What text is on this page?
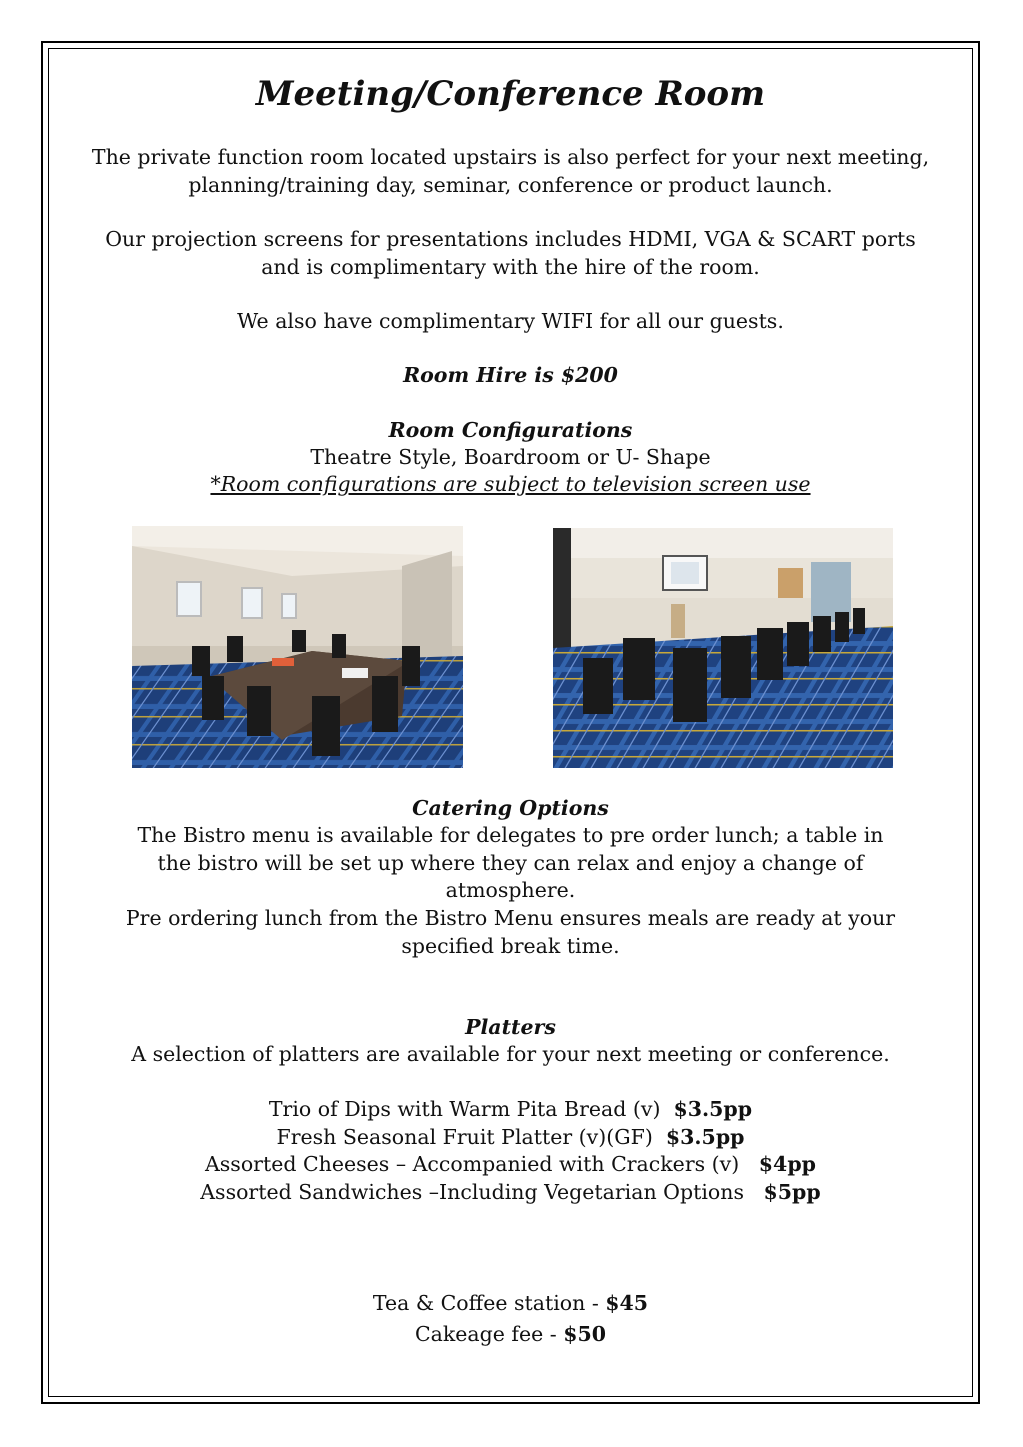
Meeting/Conference Room

The private function room located upstairs is also perfect for your next meeting, planning/training day, seminar, conference or product launch.

Our projection screens for presentations includes HDMI, VGA & SCART ports and is complimentary with the hire of the room.

We also have complimentary WIFI for all our guests.

Room Hire is $200

Room Configurations

Theatre Style, Boardroom or U- Shape

*Room configurations are subject to television screen use

Catering Options

The Bistro menu is available for delegates to pre order lunch; a table in the bistro will be set up where they can relax and enjoy a change of atmosphere.

Pre ordering lunch from the Bistro Menu ensures meals are ready at your specified break time.

Platters

A selection of platters are available for your next meeting or conference.

Trio of Dips with Warm Pita Bread (v) $3.5pp
Fresh Seasonal Fruit Platter (v)(GF) $3.5pp
Assorted Cheeses – Accompanied with Crackers (v) $4pp
Assorted Sandwiches –Including Vegetarian Options $5pp
Tea & Coffee station - $45
Cakeage fee - $50
